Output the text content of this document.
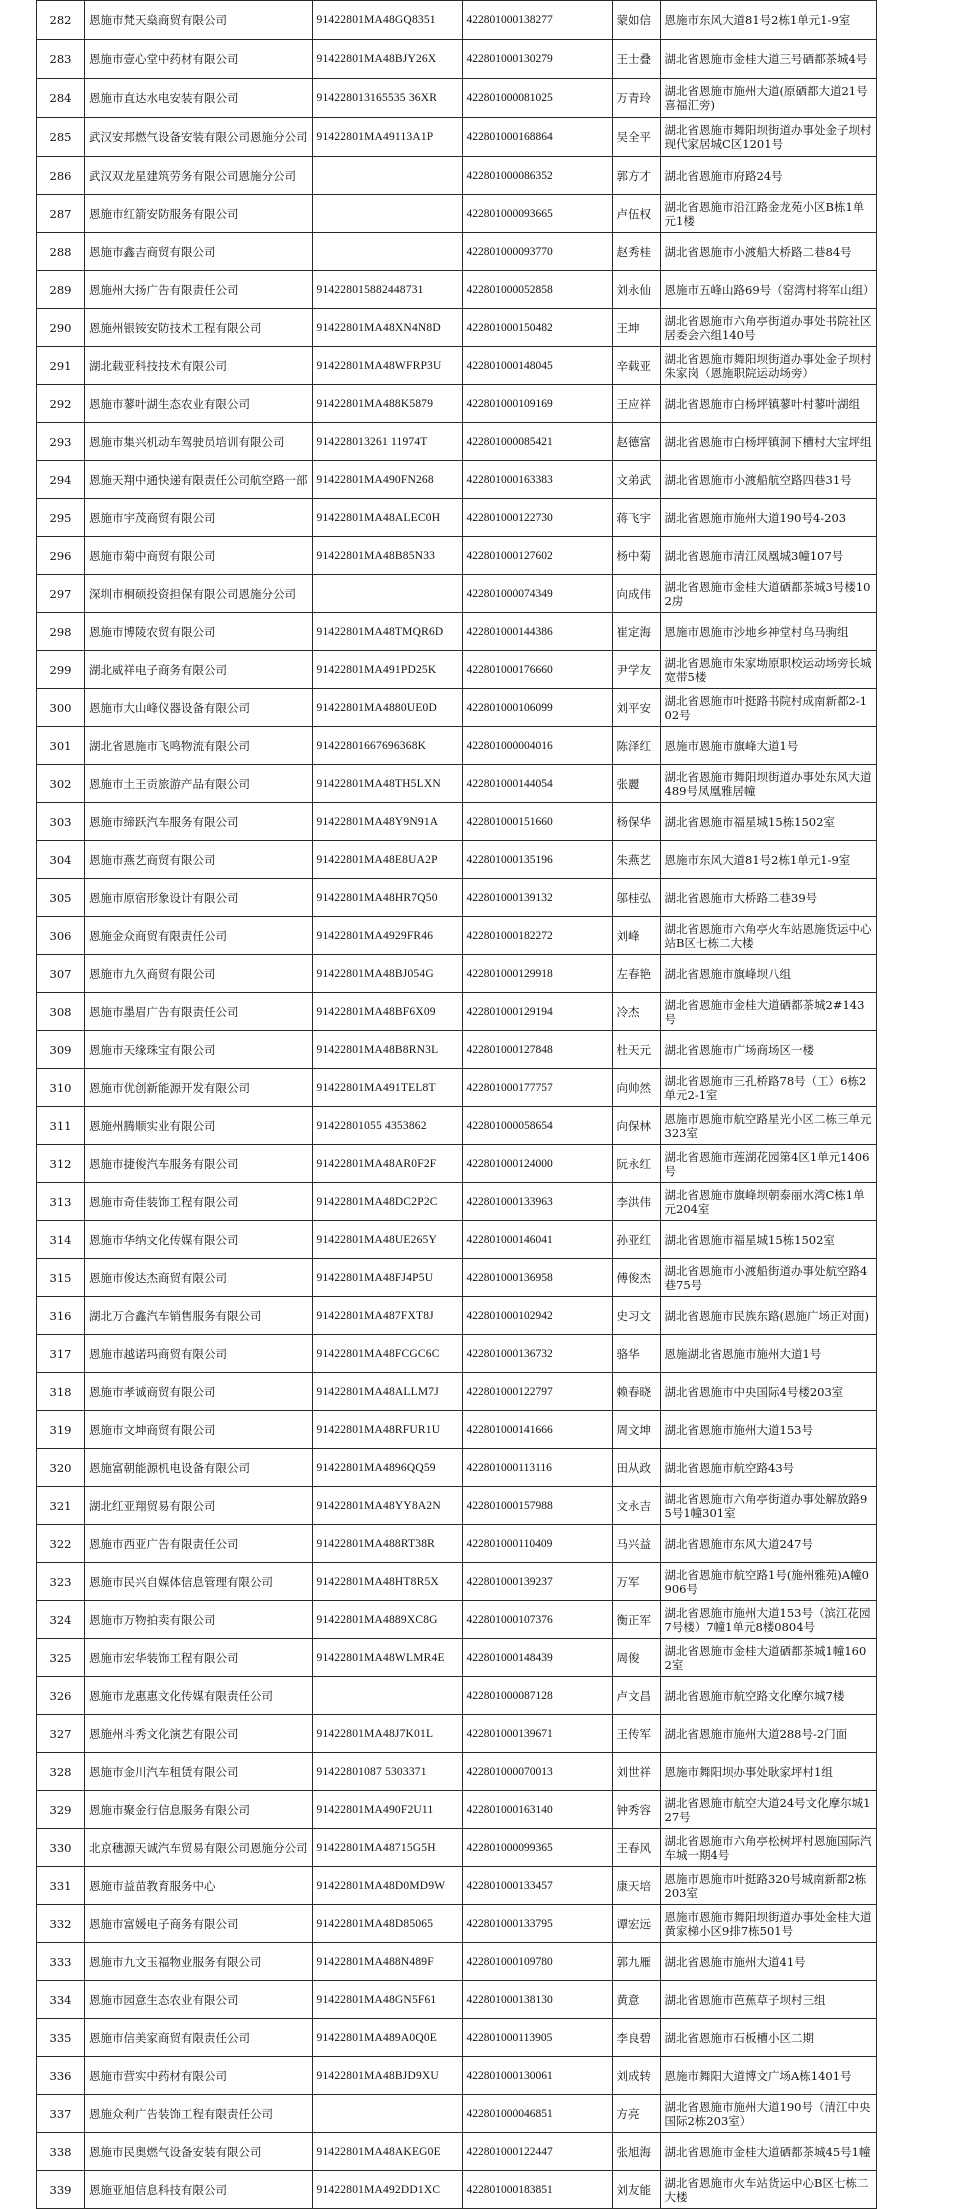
282	恩施市梵天燊商贸有限公司	91422801MA48GQ8351	422801000138277	蒙如信	恩施市东风大道81号2栋1单元1-9室
283	恩施市壹心堂中药材有限公司	91422801MA48BJY26X	422801000130279	王士叠	湖北省恩施市金桂大道三号硒都茶城4号
284	恩施市直达水电安装有限公司	914228013165535 36XR	422801000081025	万青玲	湖北省恩施市施州大道(原硒都大道21号喜福汇旁)
285	武汉安邦燃气设备安装有限公司恩施分公司	91422801MA49113A1P	422801000168864	吴全平	湖北省恩施市舞阳坝街道办事处金子坝村现代家居城C区1201号
286	武汉双龙星建筑劳务有限公司恩施分公司		422801000086352	郭方才	湖北省恩施市府路24号
287	恩施市红箭安防服务有限公司		422801000093665	卢伍权	湖北省恩施市沿江路金龙苑小区B栋1单元1楼
288	恩施市鑫吉商贸有限公司		422801000093770	赵秀桂	湖北省恩施市小渡船大桥路二巷84号
289	恩施州大扬广告有限责任公司	914228015882448731	422801000052858	刘永仙	恩施市五峰山路69号（窑湾村将军山组）
290	恩施州银铵安防技术工程有限公司	91422801MA48XN4N8D	422801000150482	王坤	湖北省恩施市六角亭街道办事处书院社区居委会六组140号
291	湖北载亚科技技术有限公司	91422801MA48WFRP3U	422801000148045	辛载亚	湖北省恩施市舞阳坝街道办事处金子坝村朱家岗（恩施职院运动场旁）
292	恩施市蓼叶湖生态农业有限公司	91422801MA488K5879	422801000109169	王应祥	湖北省恩施市白杨坪镇蓼叶村蓼叶湖组
293	恩施市集兴机动车驾驶员培训有限公司	914228013261 11974T	422801000085421	赵德富	湖北省恩施市白杨坪镇洞下槽村大宝坪组
294	恩施天翔中通快递有限责任公司航空路一部	91422801MA490FN268	422801000163383	文弟武	湖北省恩施市小渡船航空路四巷31号
295	恩施市宇茂商贸有限公司	91422801MA48ALEC0H	422801000122730	蒋飞宇	湖北省恩施市施州大道190号4-203
296	恩施市菊中商贸有限公司	91422801MA48B85N33	422801000127602	杨中菊	湖北省恩施市清江凤凰城3幢107号
297	深圳市桐硕投资担保有限公司恩施分公司		422801000074349	向成伟	湖北省恩施市金桂大道硒都茶城3号楼102房
298	恩施市博陵农贸有限公司	91422801MA48TMQR6D	422801000144386	崔定海	恩施市恩施市沙地乡神堂村乌马驹组
299	湖北威祥电子商务有限公司	91422801MA491PD25K	422801000176660	尹学友	湖北省恩施市朱家坳原职校运动场旁长城宽带5楼
300	恩施市大山峰仪器设备有限公司	91422801MA4880UE0D	422801000106099	刘平安	湖北省恩施市叶挺路书院村成南新都2-102号
301	湖北省恩施市飞鸣物流有限公司	91422801667696368K	422801000004016	陈泽红	恩施市恩施市旗峰大道1号
302	恩施市土王贡旅游产品有限公司	91422801MA48TH5LXN	422801000144054	张麗	湖北省恩施市舞阳坝街道办事处东风大道489号凤凰雅居幢
303	恩施市缔跃汽车服务有限公司	91422801MA48Y9N91A	422801000151660	杨保华	湖北省恩施市福星城15栋1502室
304	恩施市燕艺商贸有限公司	91422801MA48E8UA2P	422801000135196	朱燕艺	恩施市东风大道81号2栋1单元1-9室
305	恩施市原宿形象设计有限公司	91422801MA48HR7Q50	422801000139132	邬桂弘	湖北省恩施市大桥路二巷39号
306	恩施金众商贸有限责任公司	91422801MA4929FR46	422801000182272	刘峰	湖北省恩施市六角亭火车站恩施货运中心站B区七栋二大楼
307	恩施市九久商贸有限公司	91422801MA48BJ054G	422801000129918	左春艳	湖北省恩施市旗峰坝八组
308	恩施市墨眉广告有限责任公司	91422801MA48BF6X09	422801000129194	冷杰	湖北省恩施市金桂大道硒都茶城2#143号
309	恩施市天缘珠宝有限公司	91422801MA48B8RN3L	422801000127848	杜天元	湖北省恩施市广场商场区一楼
310	恩施市优创新能源开发有限公司	91422801MA491TEL8T	422801000177757	向帅然	湖北省恩施市三孔桥路78号（工）6栋2单元2-1室
311	恩施州腾顺实业有限公司	91422801055 4353862	422801000058654	向保林	恩施市恩施市航空路星光小区二栋三单元323室
312	恩施市捷俊汽车服务有限公司	91422801MA48AR0F2F	422801000124000	阮永红	湖北省恩施市莲湖花园第4区1单元1406号
313	恩施市奇佳装饰工程有限公司	91422801MA48DC2P2C	422801000133963	李洪伟	湖北省恩施市旗峰坝朝泰丽水湾C栋1单元204室
314	恩施市华纳文化传媒有限公司	91422801MA48UE265Y	422801000146041	孙亚红	湖北省恩施市福星城15栋1502室
315	恩施市俊达杰商贸有限公司	91422801MA48FJ4P5U	422801000136958	傅俊杰	湖北省恩施市小渡船街道办事处航空路4巷75号
316	湖北万合鑫汽车销售服务有限公司	91422801MA487FXT8J	422801000102942	史习文	湖北省恩施市民族东路(恩施广场正对面)
317	恩施市越诺玛商贸有限公司	91422801MA48FCGC6C	422801000136732	骆华	恩施湖北省恩施市施州大道1号
318	恩施市孝诚商贸有限公司	91422801MA48ALLM7J	422801000122797	赖春晓	湖北省恩施市中央国际4号楼203室
319	恩施市文坤商贸有限公司	91422801MA48RFUR1U	422801000141666	周文坤	湖北省恩施市施州大道153号
320	恩施富朝能源机电设备有限公司	91422801MA4896QQ59	422801000113116	田从政	湖北省恩施市航空路43号
321	湖北红亚翔贸易有限公司	91422801MA48YY8A2N	422801000157988	文永吉	湖北省恩施市六角亭街道办事处解放路95号1幢301室
322	恩施市西亚广告有限责任公司	91422801MA488RT38R	422801000110409	马兴益	湖北省恩施市东风大道247号
323	恩施市民兴自媒体信息管理有限公司	91422801MA48HT8R5X	422801000139237	万军	湖北省恩施市航空路1号(施州雅苑)A幢0906号
324	恩施市万物拍卖有限公司	91422801MA4889XC8G	422801000107376	衡正军	湖北省恩施市施州大道153号（滨江花园7号楼）7幢1单元8楼0804号
325	恩施市宏华装饰工程有限公司	91422801MA48WLMR4E	422801000148439	周俊	湖北省恩施市金桂大道硒都茶城1幢1602室
326	恩施市龙惠惠文化传媒有限责任公司		422801000087128	卢文昌	湖北省恩施市航空路文化摩尔城7楼
327	恩施州斗秀文化演艺有限公司	91422801MA48J7K01L	422801000139671	王传军	湖北省恩施市施州大道288号-2门面
328	恩施市金川汽车租赁有限公司	91422801087 5303371	422801000070013	刘世祥	恩施市舞阳坝办事处耿家坪村1组
329	恩施市聚金行信息服务有限公司	91422801MA490F2U11	422801000163140	钟秀容	湖北省恩施市航空大道24号文化摩尔城127号
330	北京穗源天诚汽车贸易有限公司恩施分公司	91422801MA48715G5H	422801000099365	王春风	湖北省恩施市六角亭松树坪村恩施国际汽车城一期4号
331	恩施市益苗教育服务中心	91422801MA48D0MD9W	422801000133457	康天培	恩施市恩施市叶挺路320号城南新都2栋203室
332	恩施市富媛电子商务有限公司	91422801MA48D85065	422801000133795	谭宏远	恩施市恩施市舞阳坝街道办事处金桂大道黄家梯小区9排7栋501号
333	恩施市九文玉福物业服务有限公司	91422801MA488N489F	422801000109780	郭九雁	湖北省恩施市施州大道41号
334	恩施市园意生态农业有限公司	91422801MA48GN5F61	422801000138130	黄意	湖北省恩施市芭蕉草子坝村三组
335	恩施市信美家商贸有限责任公司	91422801MA489A0Q0E	422801000113905	李良碧	湖北省恩施市石板槽小区二期
336	恩施市营实中药材有限公司	91422801MA48BJD9XU	422801000130061	刘成转	恩施市舞阳大道博文广场A栋1401号
337	恩施众利广告装饰工程有限责任公司		422801000046851	方亮	湖北省恩施市施州大道190号（清江中央国际2栋203室）
338	恩施市民奥燃气设备安装有限公司	91422801MA48AKEG0E	422801000122447	张旭海	湖北省恩施市金桂大道硒都茶城45号1幢
339	恩施亚旭信息科技有限公司	91422801MA492DD1XC	422801000183851	刘友能	湖北省恩施市火车站货运中心B区七栋二大楼
